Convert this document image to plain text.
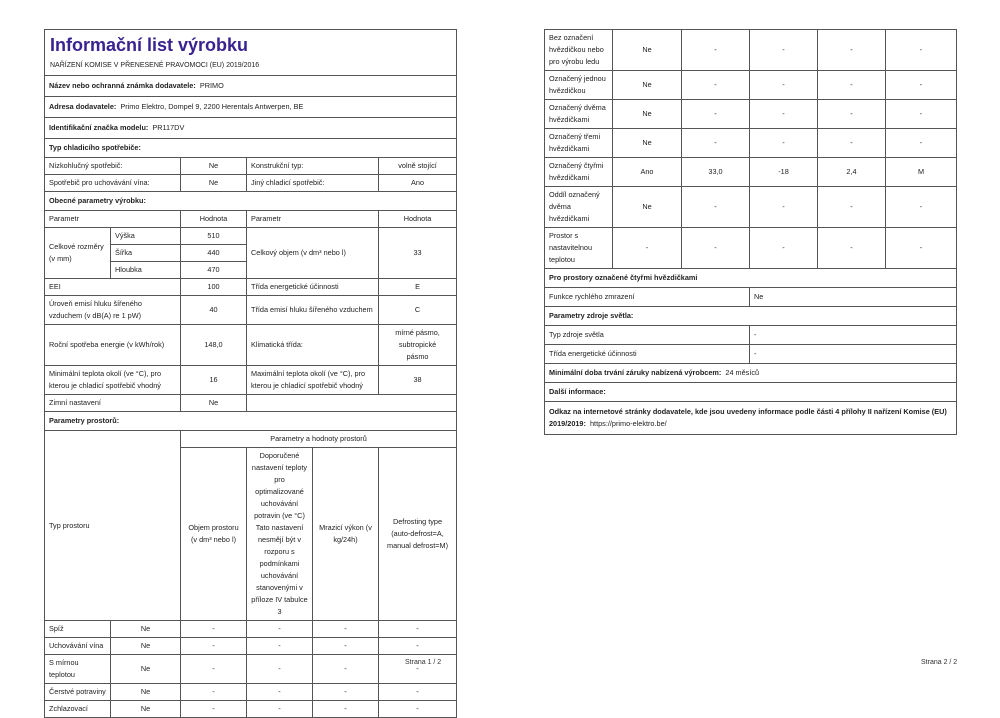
Informační list výrobku
NAŘÍZENÍ KOMISE V PŘENESENÉ PRAVOMOCI (EU) 2019/2016					

Název nebo ochranná známka dodavatele: PRIMO					
Adresa dodavatele: Primo Elektro, Dompel 9, 2200 Herentals Antwerpen, BE					
Identifikační značka modelu: PR117DV					
Typ chladicího spotřebiče:					
Nízkohlučný spotřebič:		Ne	Konstrukční typ:		volně stojící
Spotřebič pro uchovávání vína:		Ne	Jiný chladicí spotřebič:		Ano
Obecné parametry výrobku:					
Parametr		Hodnota	Parametr		Hodnota
Celkové rozměry (v mm)	Výška	510	Celkový objem (v dm³ nebo l)		33
	Šířka	440			
	Hloubka	470			
EEI		100	Třída energetické účinnosti		E
Úroveň emisí hluku šířeného vzduchem (v dB(A) re 1 pW)		40	Třída emisí hluku šířeného vzduchem		C
Roční spotřeba energie (v kWh/rok)		148,0	Klimatická třída:		mírné pásmo, subtropické pásmo
Minimální teplota okolí (ve °C), pro kterou je chladicí spotřebič vhodný		16	Maximální teplota okolí (ve °C), pro kterou je chladicí spotřebič vhodný		38
Zimní nastavení		Ne			
Parametry prostorů:					
Typ prostoru		Parametry a hodnoty prostorů			
		Objem prostoru (v dm³ nebo l)	Doporučené nastavení teploty pro optimalizované uchovávání potravin (ve °C) Tato nastavení nesmějí být v rozporu s podmínkami uchovávání stanovenými v příloze IV tabulce 3	Mrazicí výkon (v kg/24h)	Defrosting type (auto-defrost=A, manual defrost=M)
Spíž	Ne	-	-	-	-
Uchovávání vína	Ne	-	-	-	-
S mírnou teplotou	Ne	-	-	-	-
Čerstvé potraviny	Ne	-	-	-	-
Zchlazovací	Ne	-	-	-	-
Strana 1 / 2
Bez označení hvězdičkou nebo pro výrobu ledu	Ne	-	-	-	-
Označený jednou hvězdičkou	Ne	-	-	-	-
Označený dvěma hvězdičkami	Ne	-	-	-	-
Označený třemi hvězdičkami	Ne	-	-	-	-
Označený čtyřmi hvězdičkami	Ano	33,0	-18	2,4	M
Oddíl označený dvěma hvězdičkami	Ne	-	-	-	-
Prostor s nastavitelnou teplotou	-	-	-	-	-
Pro prostory označené čtyřmi hvězdičkami					
Funkce rychlého zmrazení			Ne		
Parametry zdroje světla:					
Typ zdroje světla			-		
Třída energetické účinnosti			-		
Minimální doba trvání záruky nabízená výrobcem: 24 měsíců					
Další informace:					
Odkaz na internetové stránky dodavatele, kde jsou uvedeny informace podle části 4 přílohy II nařízení Komise (EU) 2019/2019: https://primo-elektro.be/					
Strana 2 / 2
